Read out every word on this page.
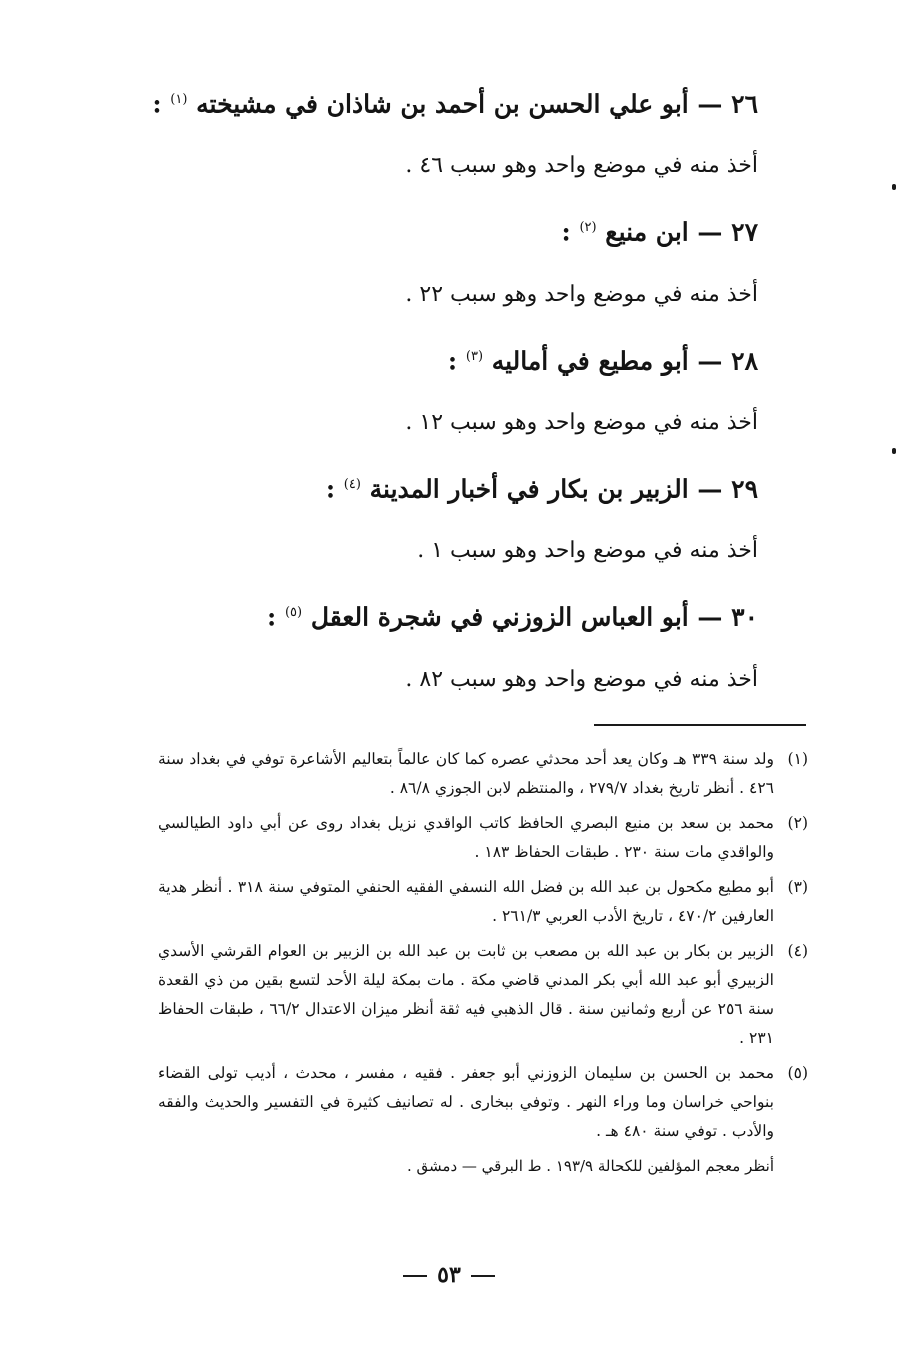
٢٦ — أبو علي الحسن بن أحمد بن شاذان في مشيخته $^{(١)}$ :

أخذ منه في موضع واحد وهو سبب ٤٦ .

٢٧ — ابن منيع $^{(٢)}$ :

أخذ منه في موضع واحد وهو سبب ٢٢ .

٢٨ — أبو مطيع في أماليه $^{(٣)}$ :

أخذ منه في موضع واحد وهو سبب ١٢ .

٢٩ — الزبير بن بكار في أخبار المدينة $^{(٤)}$ :

أخذ منه في موضع واحد وهو سبب ١ .

٣٠ — أبو العباس الزوزني في شجرة العقل $^{(٥)}$ :

أخذ منه في موضع واحد وهو سبب ٨٢ .

(١)
ولد سنة ٣٣٩ هـ وكان يعد أحد محدثي عصره كما كان عالماً بتعاليم الأشاعرة توفي في بغداد سنة ٤٢٦ . أنظر تاريخ بغداد ٢٧٩/٧ ، والمنتظم لابن الجوزي ٨٦/٨ .
(٢)
محمد بن سعد بن منيع البصري الحافظ كاتب الواقدي نزيل بغداد روى عن أبي داود الطيالسي والواقدي مات سنة ٢٣٠ . طبقات الحفاظ ١٨٣ .
(٣)
أبو مطيع مكحول بن عبد الله بن فضل الله النسفي الفقيه الحنفي المتوفي سنة ٣١٨ . أنظر هدية العارفين ٤٧٠/٢ ، تاريخ الأدب العربي ٢٦١/٣ .
(٤)
الزبير بن بكار بن عبد الله بن مصعب بن ثابت بن عبد الله بن الزبير بن العوام القرشي الأسدي الزبيري أبو عبد الله أبي بكر المدني قاضي مكة . مات بمكة ليلة الأحد لتسع بقين من ذي القعدة سنة ٢٥٦ عن أربع وثمانين سنة . قال الذهبي فيه ثقة أنظر ميزان الاعتدال ٦٦/٢ ، طبقات الحفاظ ٢٣١ .
(٥)
محمد بن الحسن بن سليمان الزوزني أبو جعفر . فقيه ، مفسر ، محدث ، أديب تولى القضاء بنواحي خراسان وما وراء النهر . وتوفي ببخارى . له تصانيف كثيرة في التفسير والحديث والفقه والأدب . توفي سنة ٤٨٠ هـ .
أنظر معجم المؤلفين للكحالة ١٩٣/٩ . ط البرقي — دمشق .
٥٣
